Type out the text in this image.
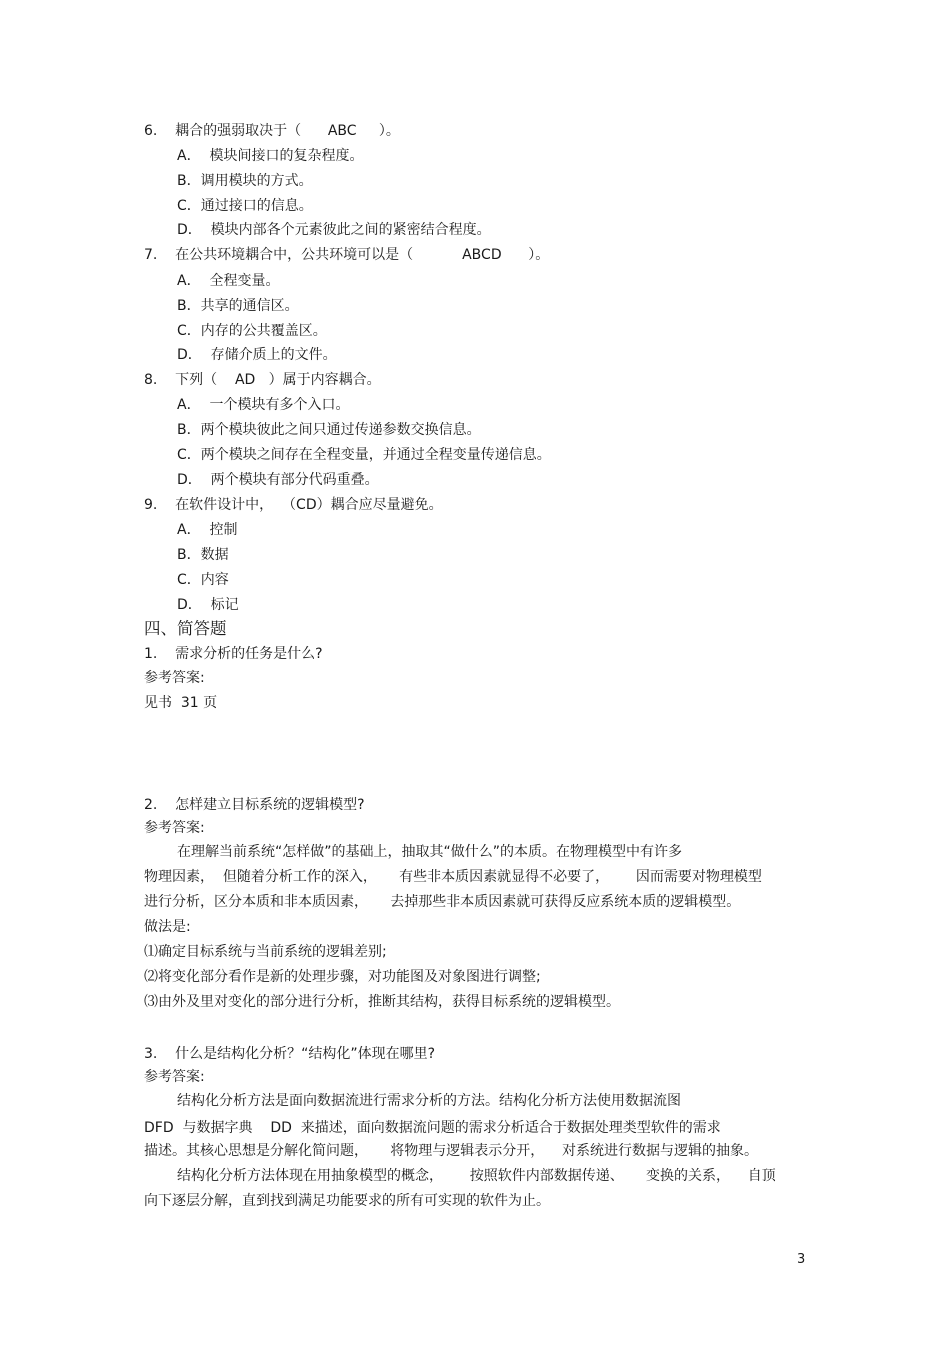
6.    耦合的强弱取决于（      ABC     ）。
A．  模块间接口的复杂程度。
B．调用模块的方式。
C．通过接口的信息。
D．  模块内部各个元素彼此之间的紧密结合程度。
7.    在公共环境耦合中，公共环境可以是（           ABCD      ）。
A．  全程变量。
B．共享的通信区。
C．内存的公共覆盖区。
D．  存储介质上的文件。
8.    下列（    AD   ）属于内容耦合。
A．  一个模块有多个入口。
B．两个模块彼此之间只通过传递参数交换信息。
C．两个模块之间存在全程变量，并通过全程变量传递信息。
D．  两个模块有部分代码重叠。
9.    在软件设计中，  （CD）耦合应尽量避免。
A．  控制
B．数据
C．内容
D．  标记
四、简答题
1.    需求分析的任务是什么?
参考答案:
见书  31 页
2.    怎样建立目标系统的逻辑模型?
参考答案:
在理解当前系统“怎样做”的基础上，抽取其“做什么”的本质。在物理模型中有许多
物理因素，  但随着分析工作的深入，     有些非本质因素就显得不必要了，      因而需要对物理模型
进行分析，区分本质和非本质因素，     去掉那些非本质因素就可获得反应系统本质的逻辑模型。
做法是:
⑴确定目标系统与当前系统的逻辑差别;
⑵将变化部分看作是新的处理步骤，对功能图及对象图进行调整;
⑶由外及里对变化的部分进行分析，推断其结构，获得目标系统的逻辑模型。
3.    什么是结构化分析？“结构化”体现在哪里?
参考答案:
结构化分析方法是面向数据流进行需求分析的方法。结构化分析方法使用数据流图
DFD  与数据字典    DD  来描述，面向数据流问题的需求分析适合于数据处理类型软件的需求
描述。其核心思想是分解化简问题，     将物理与逻辑表示分开，    对系统进行数据与逻辑的抽象。
结构化分析方法体现在用抽象模型的概念，      按照软件内部数据传递、     变换的关系，    自顶
向下逐层分解，直到找到满足功能要求的所有可实现的软件为止。
3
